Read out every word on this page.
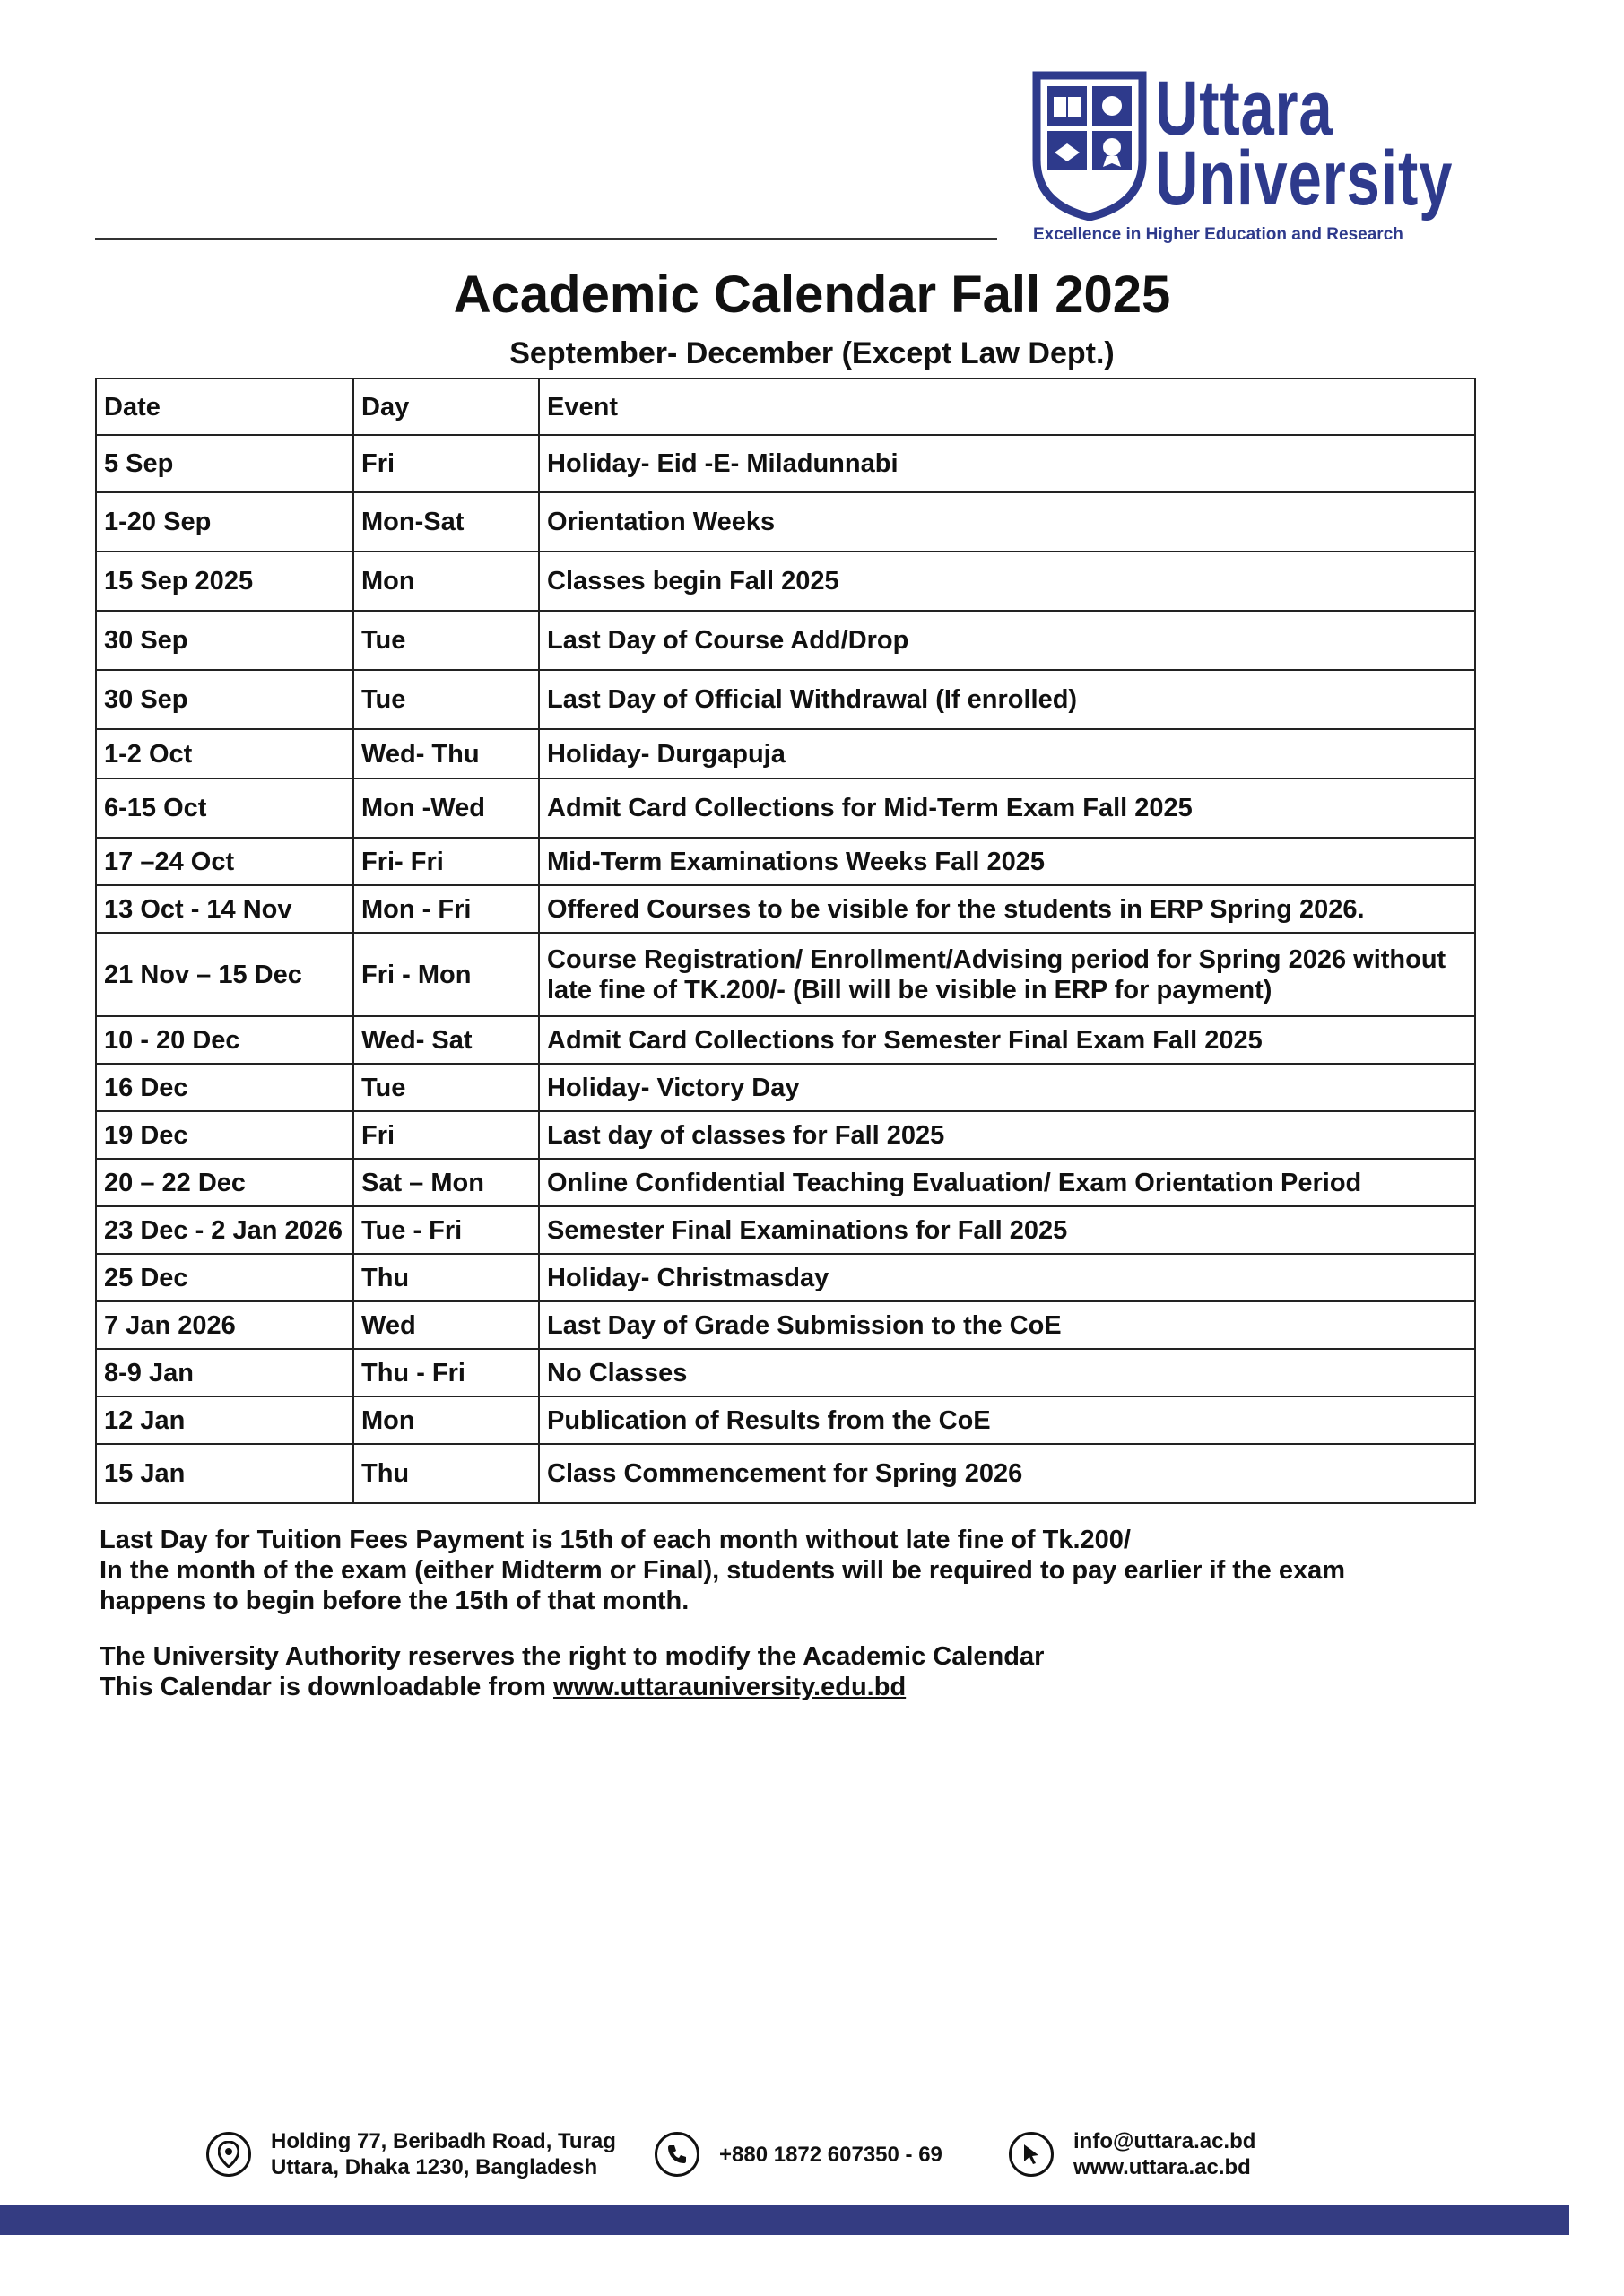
Uttara
University
Excellence in Higher Education and Research
Academic Calendar Fall 2025
September- December (Except Law Dept.)
Date	Day	Event
5 Sep	Fri	Holiday- Eid -E- Miladunnabi
1-20 Sep	Mon-Sat	Orientation Weeks
15 Sep 2025	Mon	Classes begin Fall 2025
30 Sep	Tue	Last Day of Course Add/Drop
30 Sep	Tue	Last Day of Official Withdrawal (If enrolled)
1-2 Oct	Wed- Thu	Holiday- Durgapuja
6-15 Oct	Mon -Wed	Admit Card Collections for Mid-Term Exam Fall 2025
17 –24 Oct	Fri- Fri	Mid-Term Examinations Weeks Fall 2025
13 Oct - 14 Nov	Mon - Fri	Offered Courses to be visible for the students in ERP Spring 2026.
21 Nov – 15 Dec	Fri - Mon	Course Registration/ Enrollment/Advising period for Spring 2026 without late fine of TK.200/- (Bill will be visible in ERP for payment)
10 - 20 Dec	Wed- Sat	Admit Card Collections for Semester Final Exam Fall 2025
16 Dec	Tue	Holiday- Victory Day
19 Dec	Fri	Last day of classes for Fall 2025
20 – 22 Dec	Sat – Mon	Online Confidential Teaching Evaluation/ Exam Orientation Period
23 Dec - 2 Jan 2026	Tue - Fri	Semester Final Examinations for Fall 2025
25 Dec	Thu	Holiday- Christmasday
7 Jan 2026	Wed	Last Day of Grade Submission to the CoE
8-9 Jan	Thu - Fri	No Classes
12 Jan	Mon	Publication of Results from the CoE
15 Jan	Thu	Class Commencement for Spring 2026

Last Day for Tuition Fees Payment is 15th of each month without late fine of Tk.200/

In the month of the exam (either Midterm or Final), students will be required to pay earlier if the exam happens to begin before the 15th of that month.

The University Authority reserves the right to modify the Academic Calendar

This Calendar is downloadable from www.uttarauniversity.edu.bd

Holding 77, Beribadh Road, Turag
Uttara, Dhaka 1230, Bangladesh
+880 1872 607350 - 69
info@uttara.ac.bd
www.uttara.ac.bd
